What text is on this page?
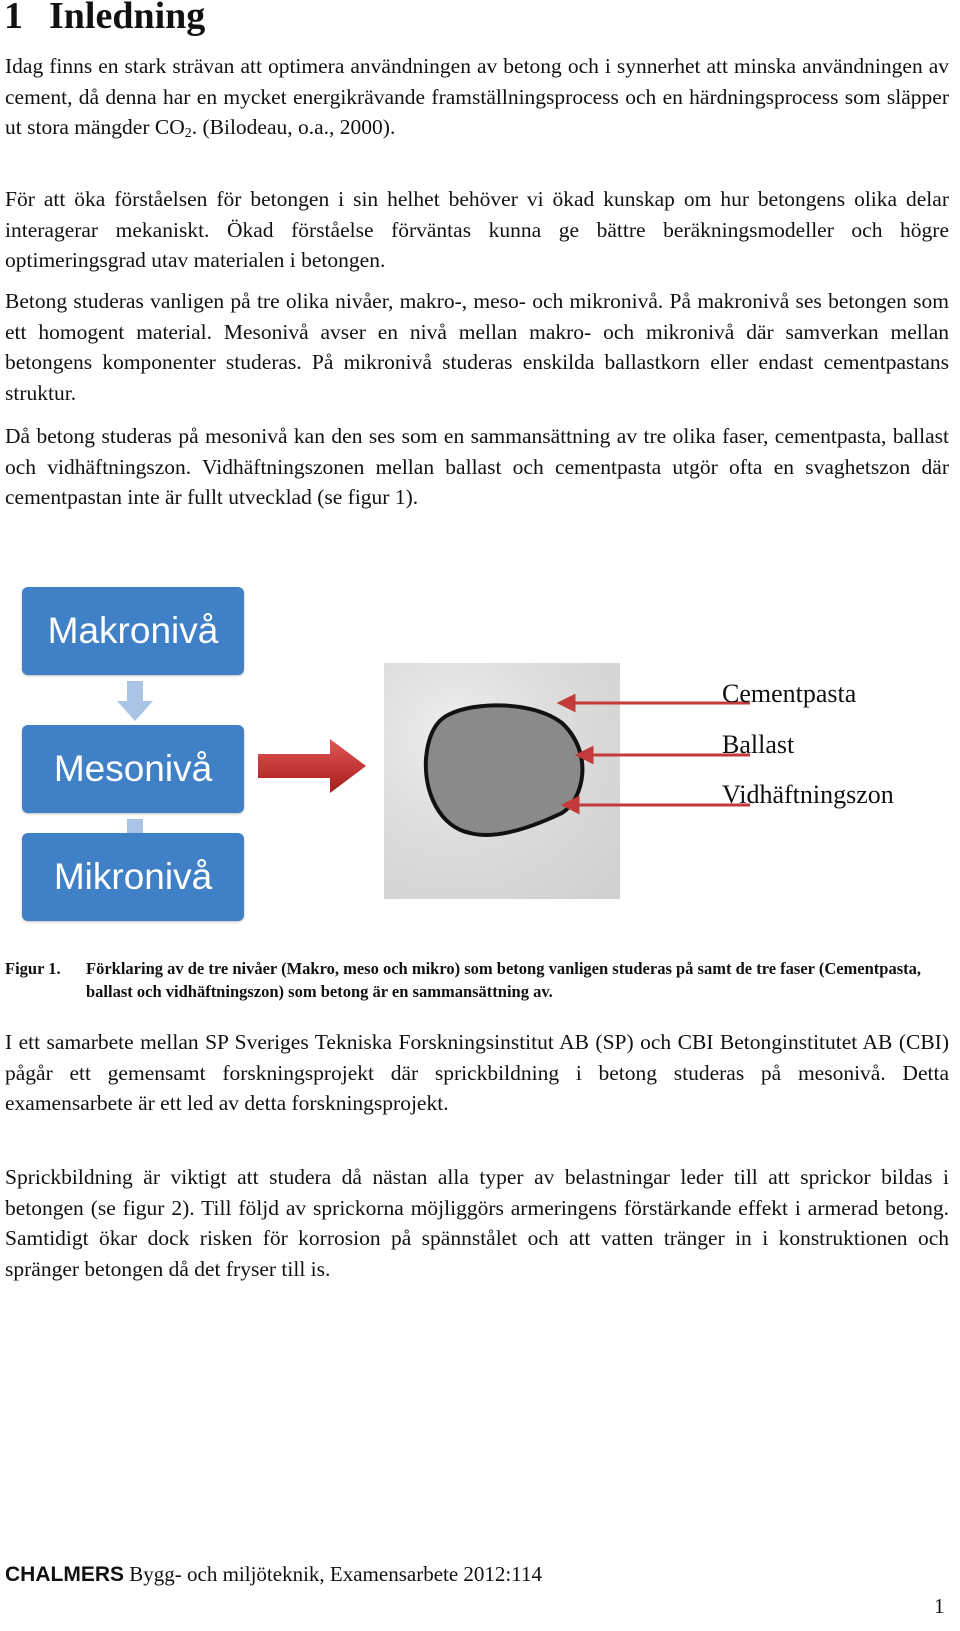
1 Inledning

Idag finns en stark strävan att optimera användningen av betong och i synnerhet att minska användningen av cement, då denna har en mycket energikrävande framställningsprocess och en härdningsprocess som släpper ut stora mängder $CO_2$. (Bilodeau, o.a., 2000).

För att öka förståelsen för betongen i sin helhet behöver vi ökad kunskap om hur betongens olika delar interagerar mekaniskt. Ökad förståelse förväntas kunna ge bättre beräkningsmodeller och högre optimeringsgrad utav materialen i betongen.

Betong studeras vanligen på tre olika nivåer, makro-, meso- och mikronivå. På makronivå ses betongen som ett homogent material. Mesonivå avser en nivå mellan makro- och mikronivå där samverkan mellan betongens komponenter studeras. På mikronivå studeras enskilda ballastkorn eller endast cementpastans struktur.

Då betong studeras på mesonivå kan den ses som en sammansättning av tre olika faser, cementpasta, ballast och vidhäftningszon. Vidhäftningszonen mellan ballast och cementpasta utgör ofta en svaghetszon där cementpastan inte är fullt utvecklad (se figur 1).

Makronivå
Mesonivå
Mikronivå
Cementpasta
Ballast
Vidhäftningszon
Figur 1. Förklaring av de tre nivåer (Makro, meso och mikro) som betong vanligen studeras på samt de tre faser (Cementpasta, ballast och vidhäftningszon) som betong är en sammansättning av.

I ett samarbete mellan SP Sveriges Tekniska Forskningsinstitut AB (SP) och CBI Betonginstitutet AB (CBI) pågår ett gemensamt forskningsprojekt där sprickbildning i betong studeras på mesonivå. Detta examensarbete är ett led av detta forskningsprojekt.

Sprickbildning är viktigt att studera då nästan alla typer av belastningar leder till att sprickor bildas i betongen (se figur 2). Till följd av sprickorna möjliggörs armeringens förstärkande effekt i armerad betong. Samtidigt ökar dock risken för korrosion på spännstålet och att vatten tränger in i konstruktionen och spränger betongen då det fryser till is.

CHALMERS Bygg- och miljöteknik, Examensarbete 2012:114
1
